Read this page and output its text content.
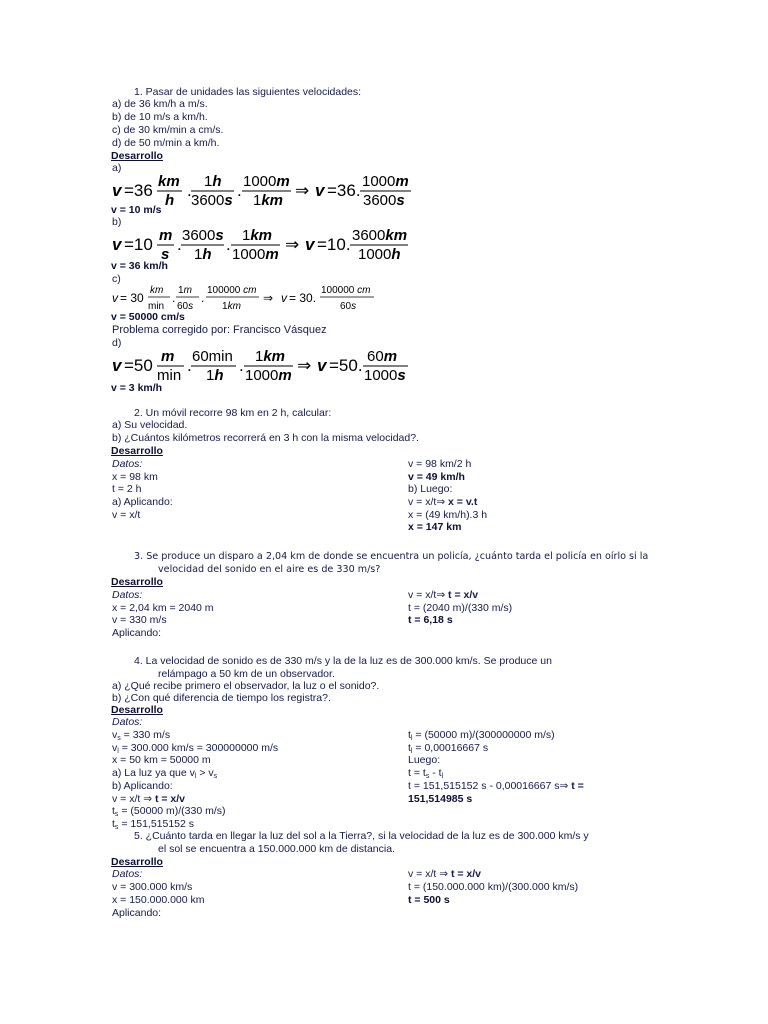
1. Pasar de unidades las siguientes velocidades:
a) de 36 km/h a m/s.
b) de 10 m/s a km/h.
c) de 30 km/min a cm/s.
d) de 50 m/min a km/h.
Desarrollo
a)
v =36 km
h
. 1h
3600s
. 1000m
1km
⇒ v =36. 1000m
3600s
v = 10 m/s
b)
v =10 m
s
. 3600s
1h
. 1km
1000m
⇒ v =10. 3600km
1000h
v = 36 km/h
c)
v = 30
km
min
.
1m
60s
.
100000 cm
1km
⇒ v = 30.
100000 cm
60s
v = 50000 cm/s
Problema corregido por: Francisco Vásquez
d)
v =50 m
min
. 60min
1h
. 1km
1000m
⇒ v =50. 60m
1000s
v = 3 km/h
2. Un móvil recorre 98 km en 2 h, calcular:
a) Su velocidad.
b) ¿Cuántos kilómetros recorrerá en 3 h con la misma velocidad?.
Desarrollo
Datos:
x = 98 km
t = 2 h
a) Aplicando:
v = x/t
v = 98 km/2 h
v = 49 km/h
b) Luego:
v = x/t⇒ x = v.t
x = (49 km/h).3 h
x = 147 km
3. Se produce un disparo a 2,04 km de donde se encuentra un policía, ¿cuánto tarda el policía en oírlo si la
velocidad del sonido en el aire es de 330 m/s?
Desarrollo
Datos:
x = 2,04 km = 2040 m
v = 330 m/s
Aplicando:
v = x/t⇒ t = x/v
t = (2040 m)/(330 m/s)
t = 6,18 s
4. La velocidad de sonido es de 330 m/s y la de la luz es de 300.000 km/s. Se produce un
relámpago a 50 km de un observador.
a) ¿Qué recibe primero el observador, la luz o el sonido?.
b) ¿Con qué diferencia de tiempo los registra?.
Desarrollo
Datos:
$v_s = 330$ m/s
$v_l = 300.000$ km/s = 300000000 m/s
x = 50 km = 50000 m
a) La luz ya que $v_l > v_s$
b) Aplicando:
v = x/t ⇒ t = x/v
$t_s = (50000$ m)/(330 m/s)
$t_s = 151,515152$ s
$t_l = (50000$ m)/(300000000 m/s)
$t_l = 0,00016667$ s
Luego:
$t = t_s - t_l$
t = 151,515152 s - 0,00016667 s⇒ t =
151,514985 s
5. ¿Cuánto tarda en llegar la luz del sol a la Tierra?, si la velocidad de la luz es de 300.000 km/s y
el sol se encuentra a 150.000.000 km de distancia.
Desarrollo
Datos:
v = 300.000 km/s
x = 150.000.000 km
Aplicando:
v = x/t ⇒ t = x/v
t = (150.000.000 km)/(300.000 km/s)
t = 500 s
